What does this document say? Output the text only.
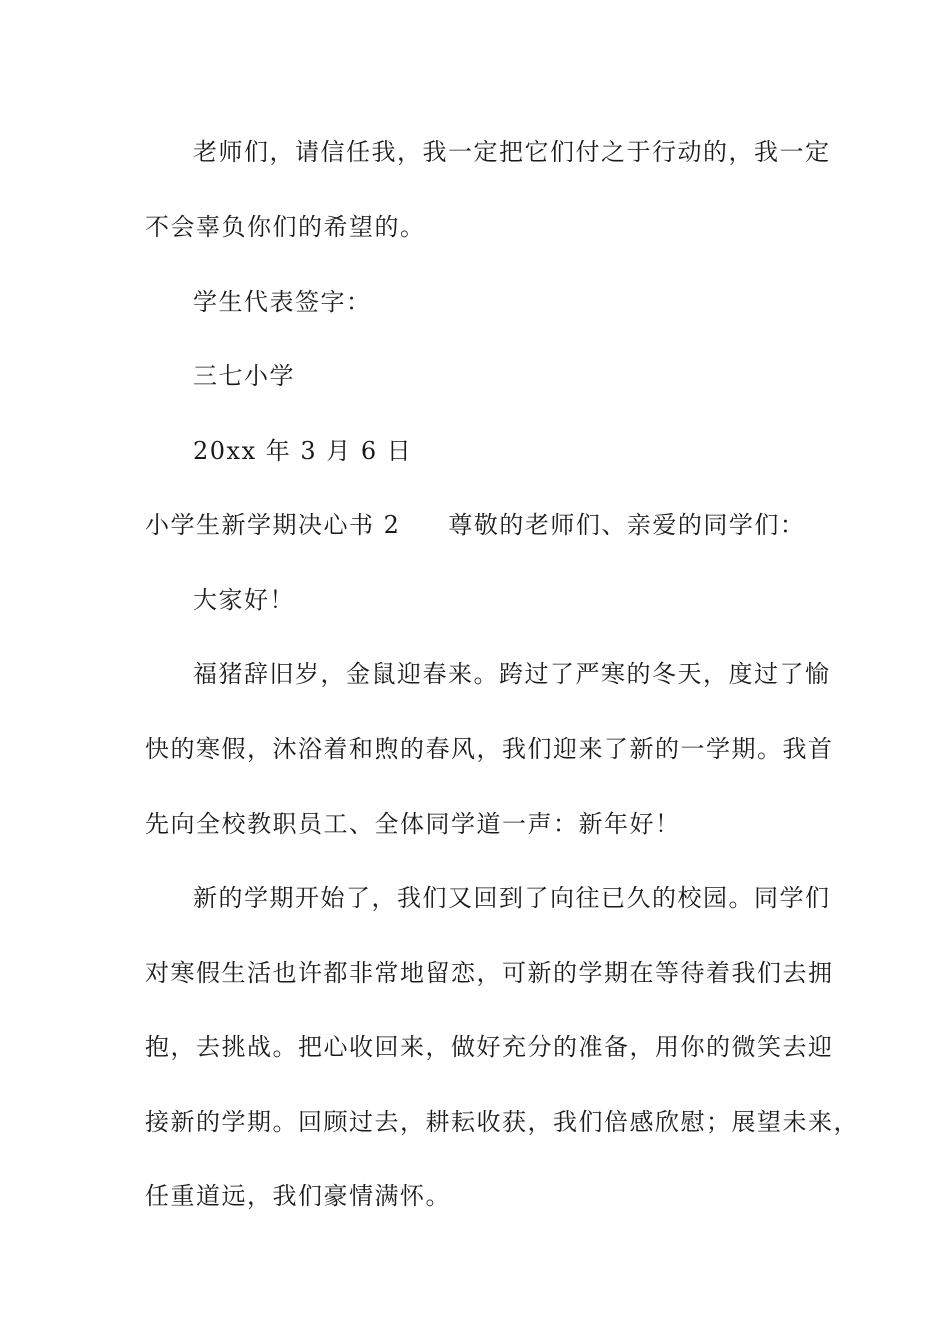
老师们，请信任我，我一定把它们付之于行动的，我一定
不会辜负你们的希望的。
学生代表签字：
三七小学
20xx 年 3 月 6 日
小学生新学期决心书 2 尊敬的老师们、亲爱的同学们：
大家好！
福猪辞旧岁，金鼠迎春来。跨过了严寒的冬天，度过了愉
快的寒假，沐浴着和煦的春风，我们迎来了新的一学期。我首
先向全校教职员工、全体同学道一声：新年好！
新的学期开始了，我们又回到了向往已久的校园。同学们
对寒假生活也许都非常地留恋，可新的学期在等待着我们去拥
抱，去挑战。把心收回来，做好充分的准备，用你的微笑去迎
接新的学期。回顾过去，耕耘收获，我们倍感欣慰；展望未来，
任重道远，我们豪情满怀。
